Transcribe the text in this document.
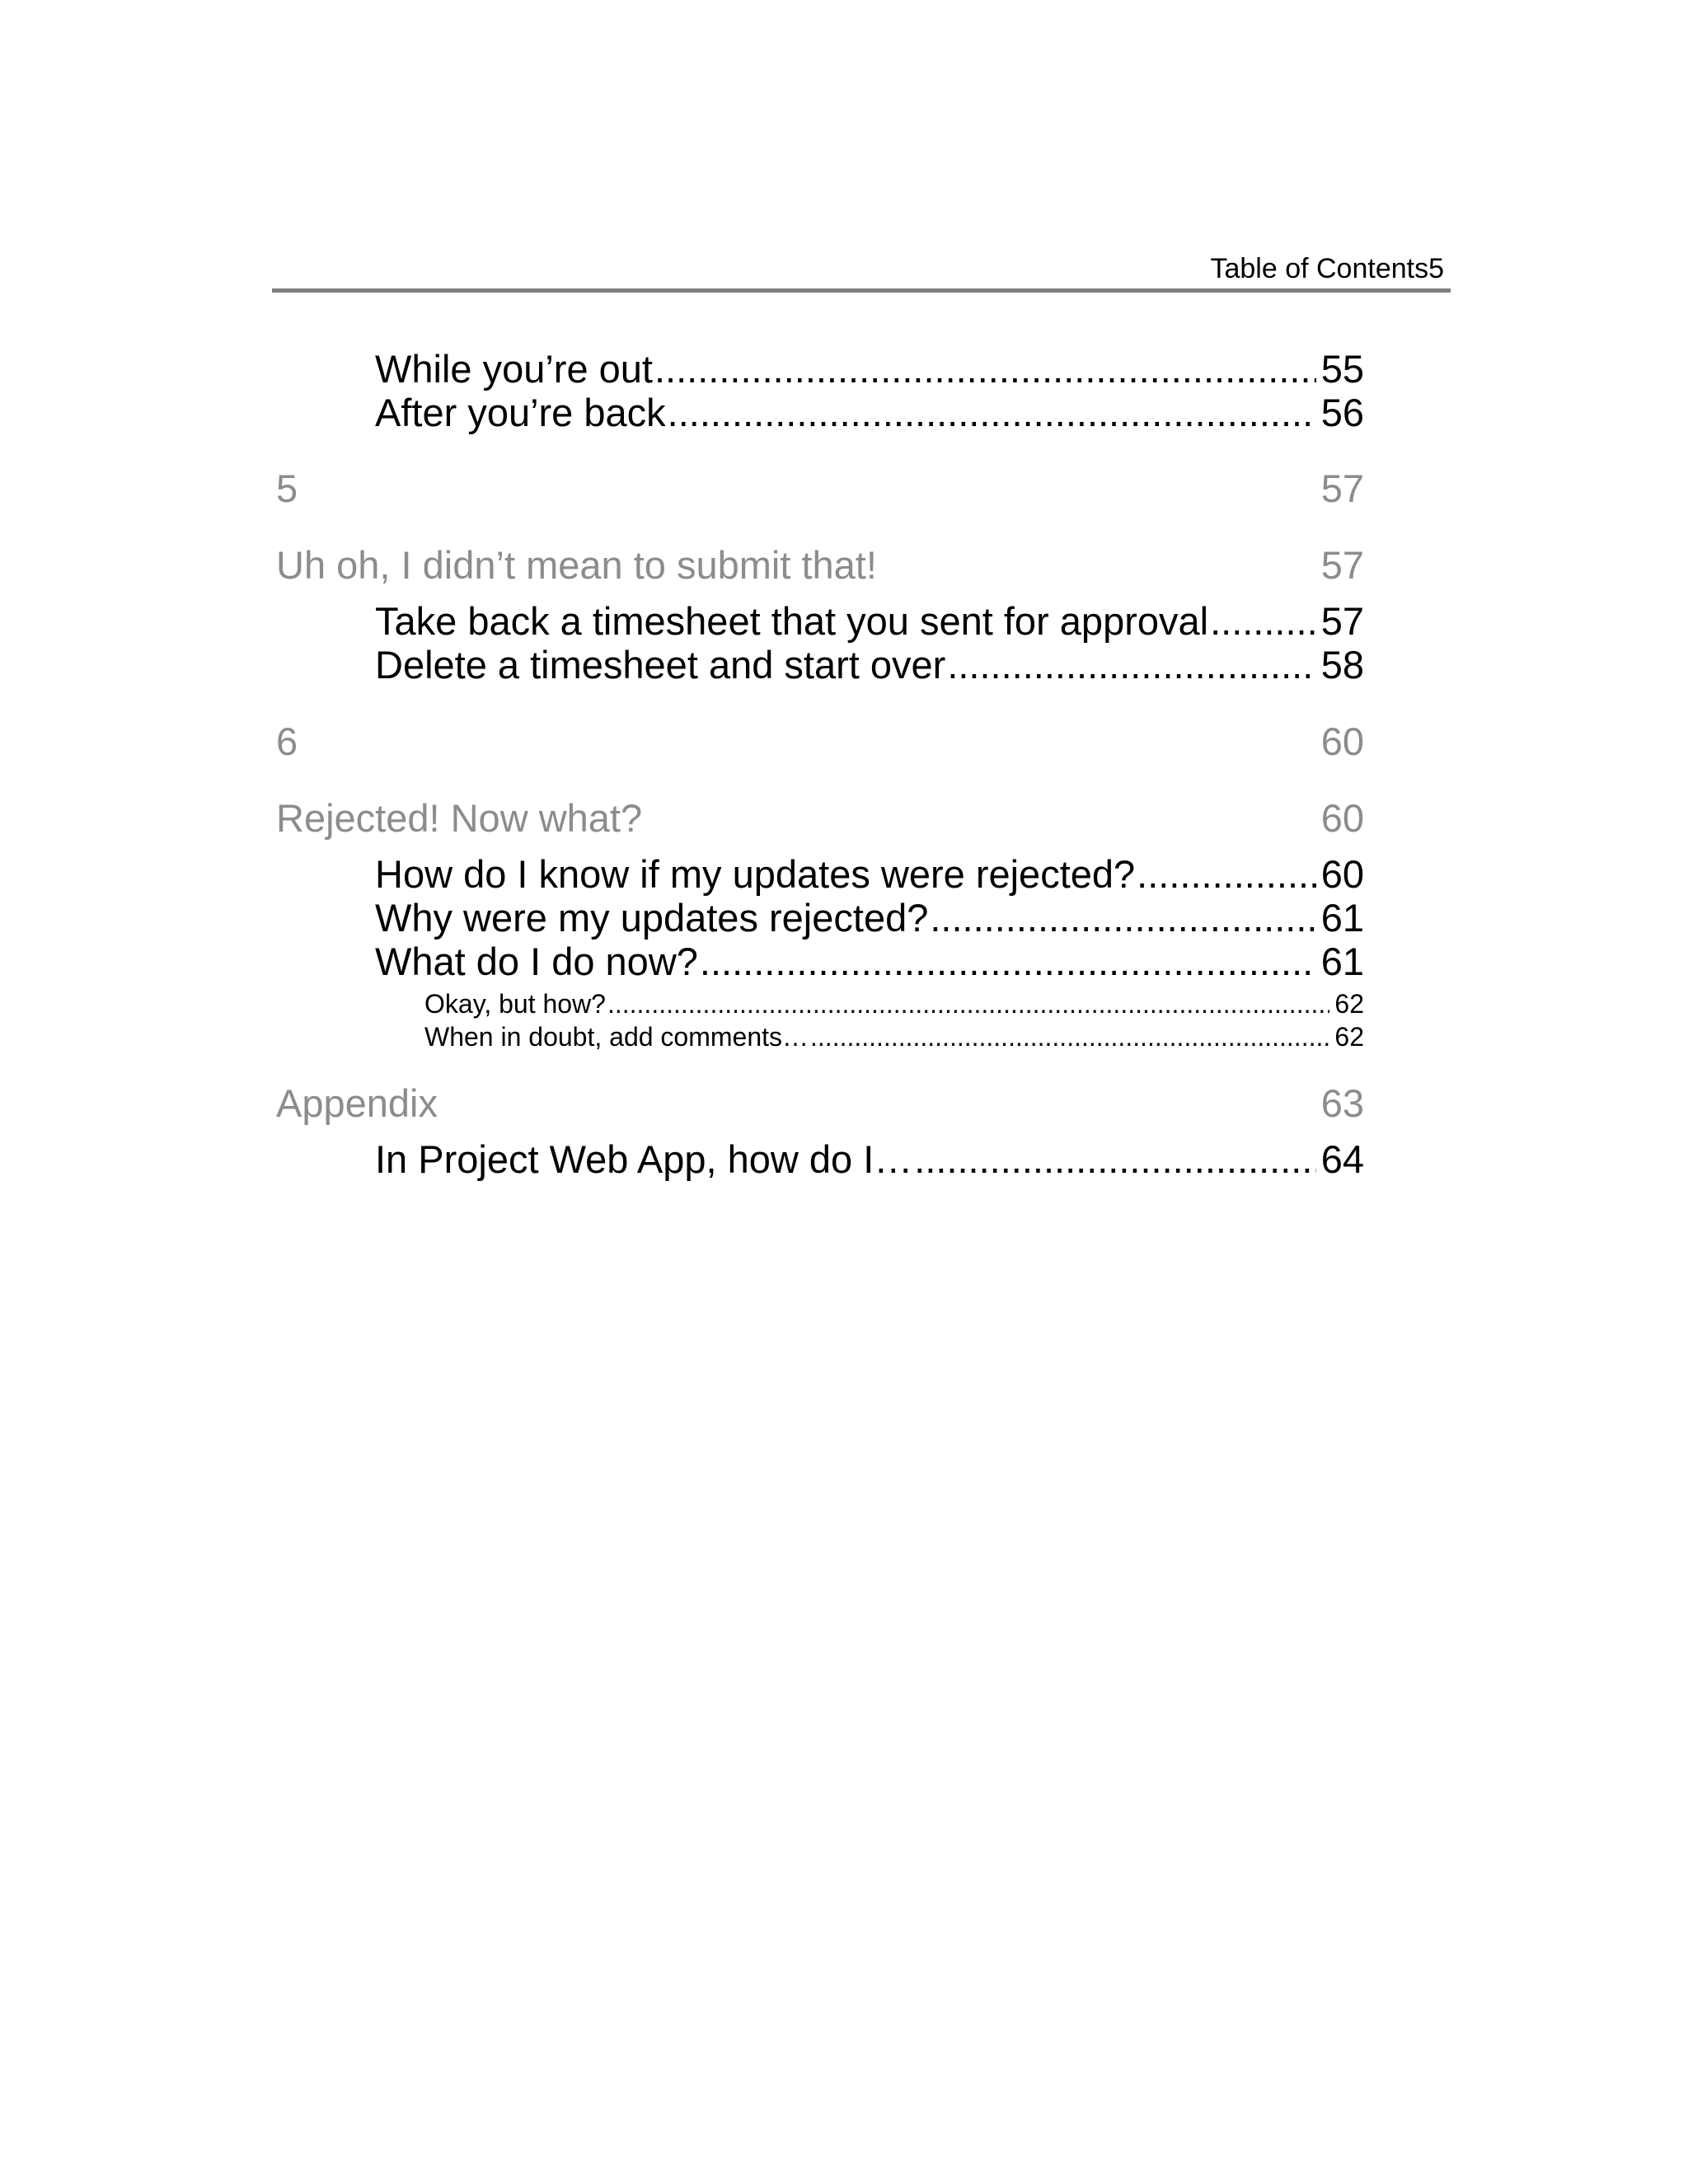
Table of Contents5
While you’re out .....	55
After you’re back .....	56
5	57
Uh oh, I didn’t mean to submit that!	57
Take back a timesheet that you sent for approval .....	57
Delete a timesheet and start over .....	58
6	60
Rejected! Now what?	60
How do I know if my updates were rejected? .....	60
Why were my updates rejected? .....	61
What do I do now? .....	61
Okay, but how? .....	62
When in doubt, add comments… .....	62
Appendix	63
In Project Web App, how do I… .....	64
